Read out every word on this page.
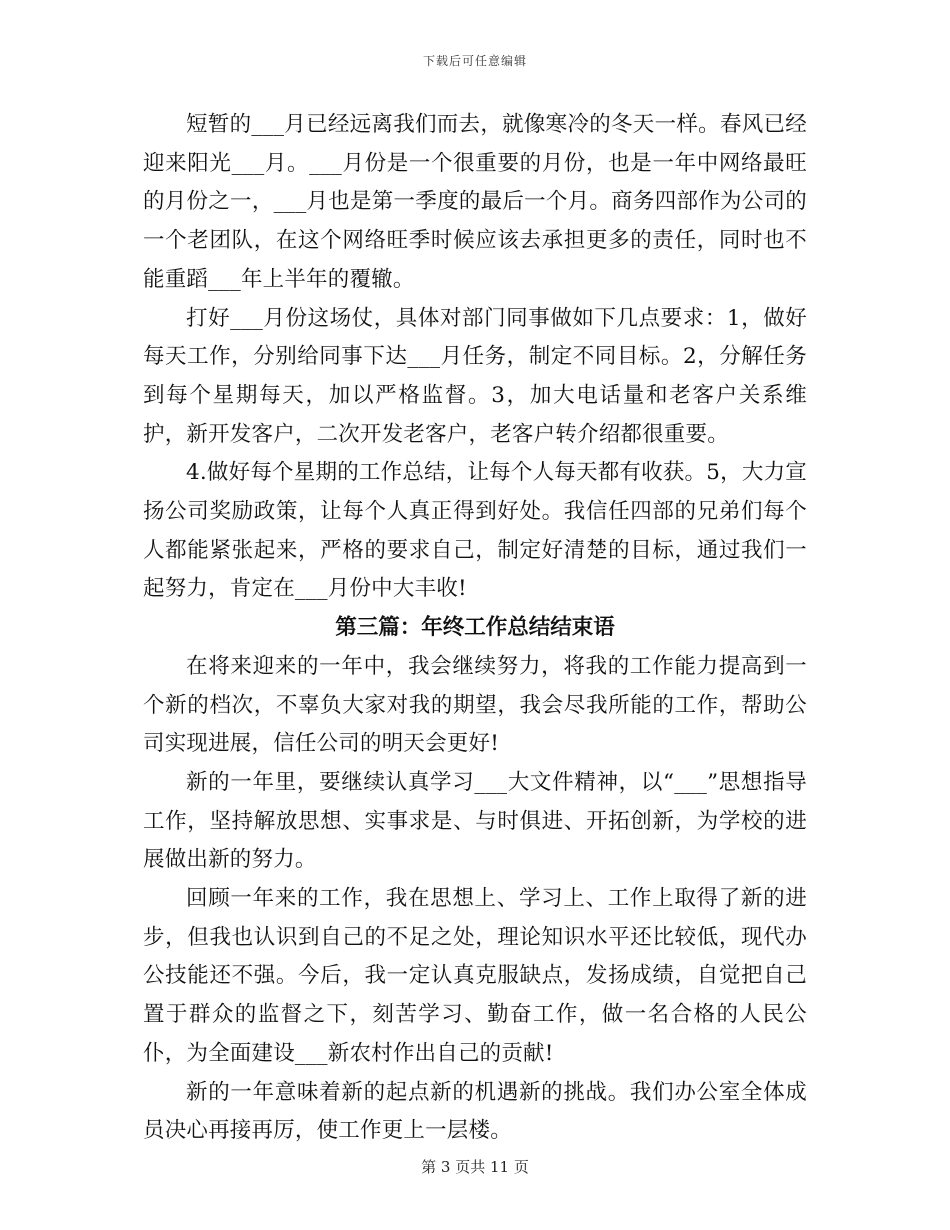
下载后可任意编辑

短暂的___月已经远离我们而去，就像寒冷的冬天一样。春风已经迎来阳光___月。___月份是一个很重要的月份，也是一年中网络最旺的月份之一，___月也是第一季度的最后一个月。商务四部作为公司的一个老团队，在这个网络旺季时候应该去承担更多的责任，同时也不能重蹈___年上半年的覆辙。

打好___月份这场仗，具体对部门同事做如下几点要求：1，做好每天工作，分别给同事下达___月任务，制定不同目标。2，分解任务到每个星期每天，加以严格监督。3，加大电话量和老客户关系维护，新开发客户，二次开发老客户，老客户转介绍都很重要。

4.做好每个星期的工作总结，让每个人每天都有收获。5，大力宣扬公司奖励政策，让每个人真正得到好处。我信任四部的兄弟们每个人都能紧张起来，严格的要求自己，制定好清楚的目标，通过我们一起努力，肯定在___月份中大丰收!

第三篇：年终工作总结结束语

在将来迎来的一年中，我会继续努力，将我的工作能力提高到一个新的档次，不辜负大家对我的期望，我会尽我所能的工作，帮助公司实现进展，信任公司的明天会更好!

新的一年里，要继续认真学习___大文件精神，以“___”思想指导工作，坚持解放思想、实事求是、与时俱进、开拓创新，为学校的进展做出新的努力。

回顾一年来的工作，我在思想上、学习上、工作上取得了新的进步，但我也认识到自己的不足之处，理论知识水平还比较低，现代办公技能还不强。今后，我一定认真克服缺点，发扬成绩，自觉把自己置于群众的监督之下，刻苦学习、勤奋工作，做一名合格的人民公仆，为全面建设___新农村作出自己的贡献!

新的一年意味着新的起点新的机遇新的挑战。我们办公室全体成员决心再接再厉，使工作更上一层楼。

第 3 页共 11 页
